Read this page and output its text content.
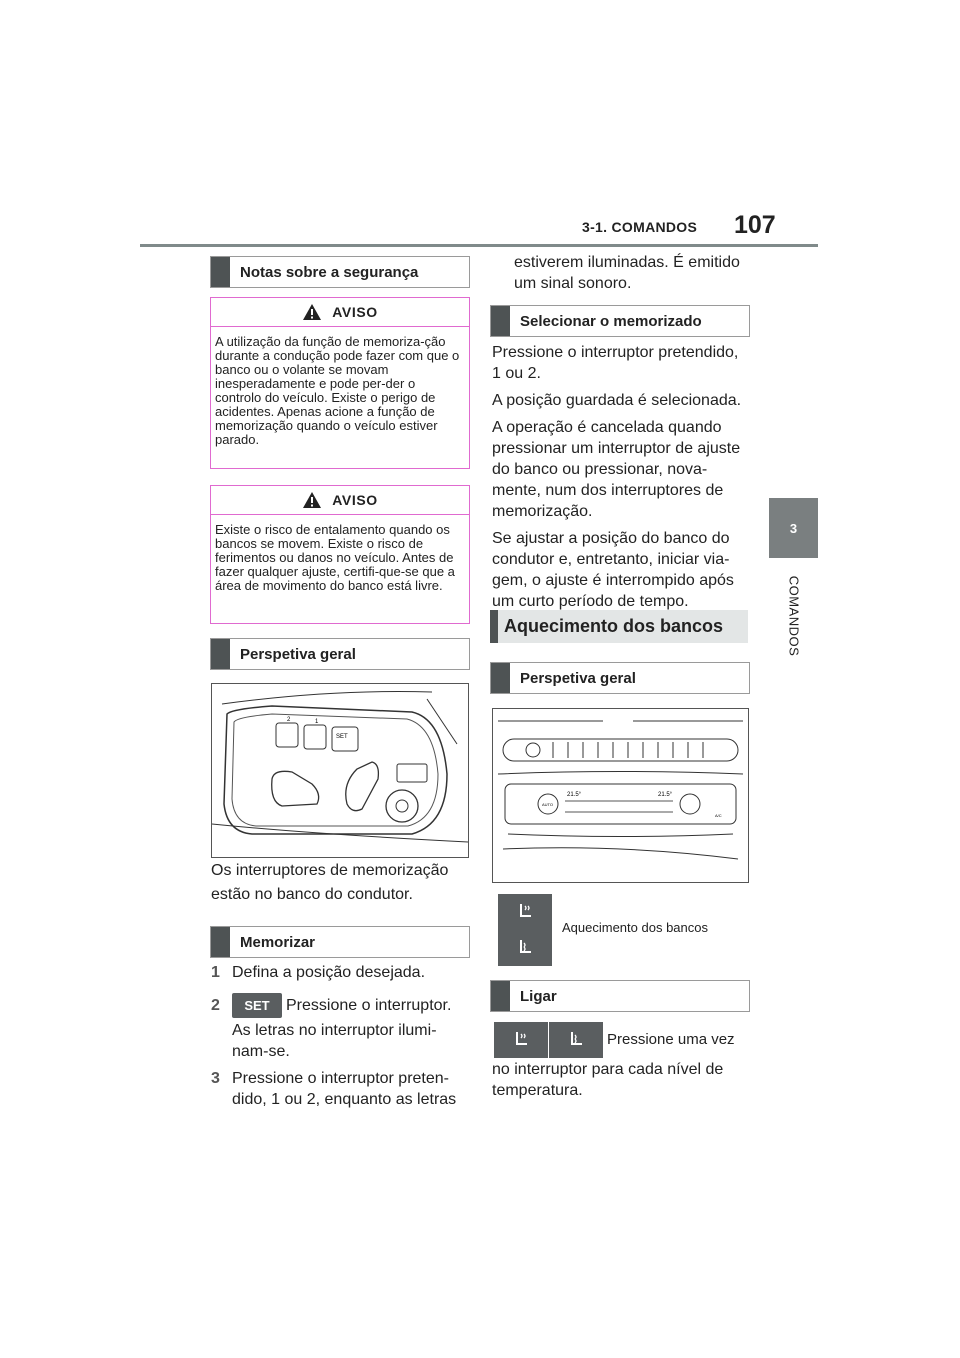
3-1. COMANDOS 107
3
COMANDOS
Notas sobre a segurança
AVISO
A utilização da função de memoriza-ção durante a condução pode fazer com que o banco ou o volante se movam inesperadamente e pode per-der o controlo do veículo. Existe o perigo de acidentes. Apenas acione a função de memorização quando o veículo estiver parado.
AVISO
Existe o risco de entalamento quando os bancos se movem. Existe o risco de ferimentos ou danos no veículo. Antes de fazer qualquer ajuste, certifi-que-se que a área de movimento do banco está livre.
Perspetiva geral
2	1
SET
Os interruptores de memorização
estão no banco do condutor.
Memorizar
1 Defina a posição desejada.
2	SET	Pressione o interruptor.
As letras no interruptor ilumi-nam-se.
3 Pressione o interruptor preten-dido, 1 ou 2, enquanto as letras
estiverem iluminadas. É emitido um sinal sonoro.
Selecionar o memorizado
Pressione o interruptor pretendido, 1 ou 2.
A posição guardada é selecionada.
A operação é cancelada quando pressionar um interruptor de ajuste do banco ou pressionar, nova-mente, num dos interruptores de memorização.
Se ajustar a posição do banco do condutor e, entretanto, iniciar via-gem, o ajuste é interrompido após um curto período de tempo.
Aquecimento dos bancos
Perspetiva geral
AUTO
21.5°	21.5°
A/C
Aquecimento dos bancos
Ligar
Pressione uma vez
no interruptor para cada nível de temperatura.
